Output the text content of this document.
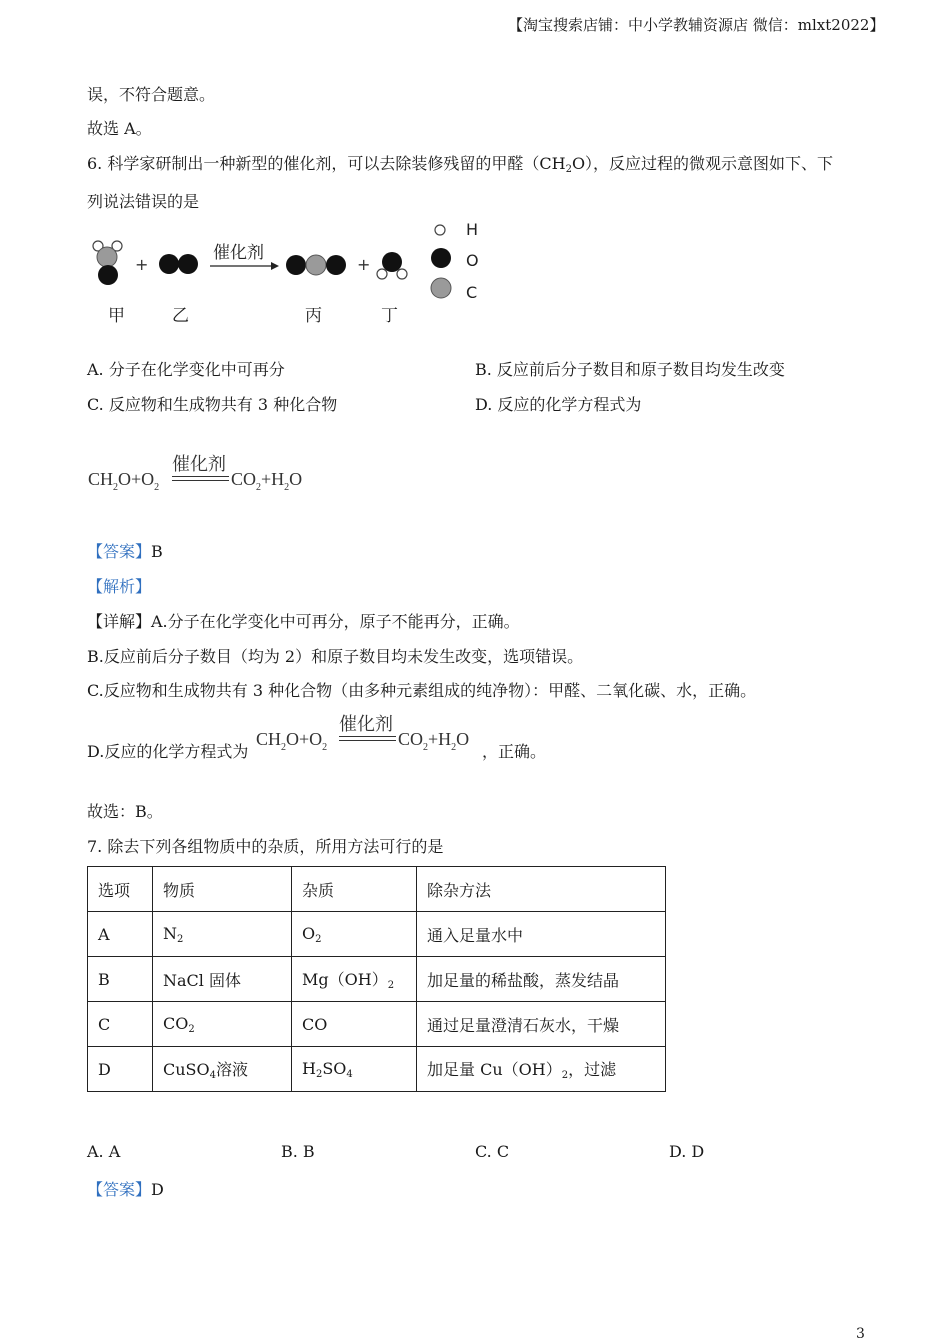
【淘宝搜索店铺：中小学教辅资源店 微信：mlxt2022】
误，不符合题意。
故选 A。
6. 科学家研制出一种新型的催化剂，可以去除装修残留的甲醛$(CH_2O)$，反应过程的微观示意图如下、下
列说法错误的是
+
催化剂
+
H
O
C
甲	乙	丙	丁
A. 分子在化学变化中可再分	B. 反应前后分子数目和原子数目均发生改变
C. 反应物和生成物共有 3 种化合物	D. 反应的化学方程式为
催化剂
$CH_2O+O_2$	$CO_2+H_2O$
【答案】B
【解析】
【详解】A.分子在化学变化中可再分，原子不能再分，正确。
B.反应前后分子数目（均为 2）和原子数目均未发生改变，选项错误。
C.反应物和生成物共有 3 种化合物（由多种元素组成的纯净物）：甲醛、二氧化碳、水，正确。
D.反应的化学方程式为
催化剂
$CH_2O+O_2$	$CO_2+H_2O$
，正确。
故选：B。
7. 除去下列各组物质中的杂质，所用方法可行的是
选项	物质	杂质	除杂方法
A	$N_2$	$O_2$	通入足量水中
B	NaCl 固体	$Mg(OH)_2$	加足量的稀盐酸，蒸发结晶
C	$CO_2$	CO	通过足量澄清石灰水，干燥
D	CuSO$_4$溶液	$H_2SO_4$	加足量 $Cu(OH)_2$，过滤
A. A	B. B	C. C	D. D
【答案】D
3
